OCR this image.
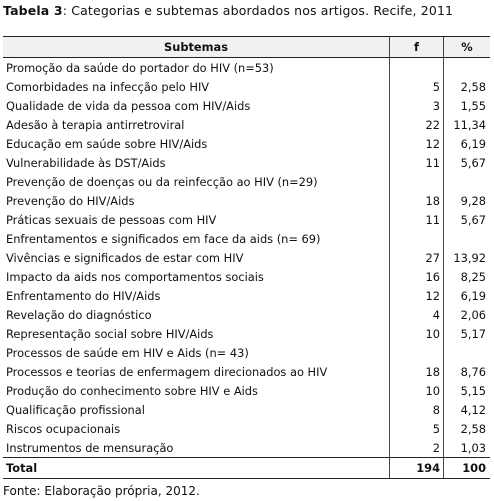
Tabela 3: Categorias e subtemas abordados nos artigos. Recife, 2011
Subtemas	f	%
Promoção da saúde do portador do HIV (n=53)
Comorbidades na infecção pelo HIV	5	2,58
Qualidade de vida da pessoa com HIV/Aids	3	1,55
Adesão à terapia antirretroviral	22	11,34
Educação em saúde sobre HIV/Aids	12	6,19
Vulnerabilidade às DST/Aids	11	5,67
Prevenção de doenças ou da reinfecção ao HIV (n=29)
Prevenção do HIV/Aids	18	9,28
Práticas sexuais de pessoas com HIV	11	5,67
Enfrentamentos e significados em face da aids (n= 69)
Vivências e significados de estar com HIV	27	13,92
Impacto da aids nos comportamentos sociais	16	8,25
Enfrentamento do HIV/Aids	12	6,19
Revelação do diagnóstico	4	2,06
Representação social sobre HIV/Aids	10	5,17
Processos de saúde em HIV e Aids (n= 43)
Processos e teorias de enfermagem direcionados ao HIV	18	8,76
Produção do conhecimento sobre HIV e Aids	10	5,15
Qualificação profissional	8	4,12
Riscos ocupacionais	5	2,58
Instrumentos de mensuração	2	1,03
Total	194	100
Fonte: Elaboração própria, 2012.
